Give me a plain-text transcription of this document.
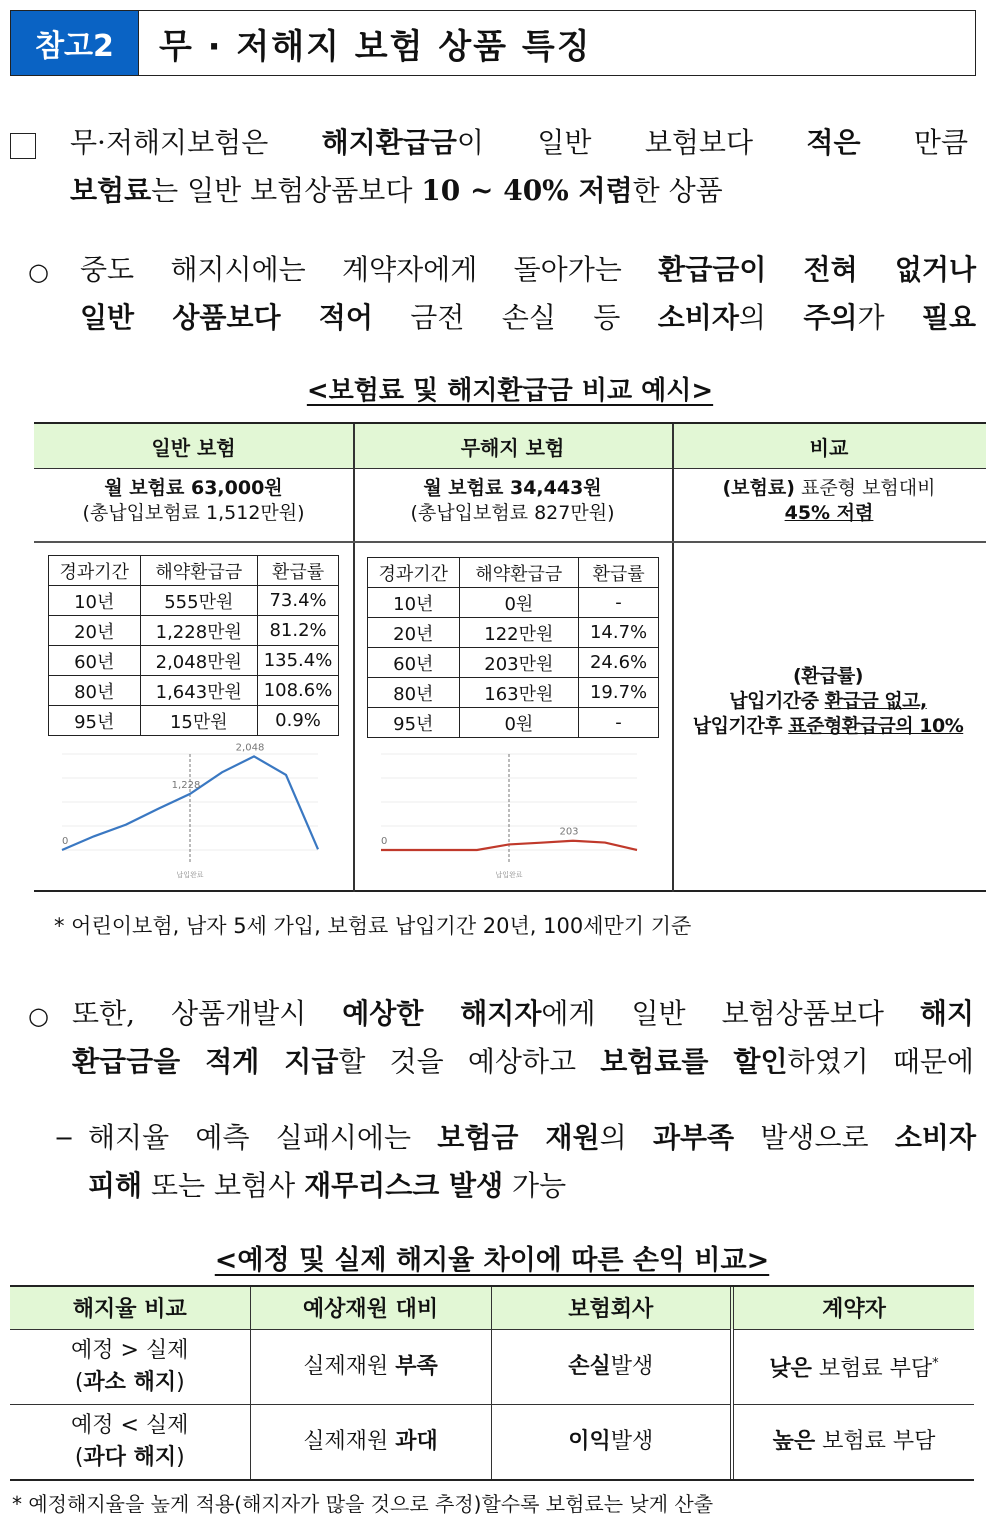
참고2	무 · 저해지 보험 상품 특징
무·저해지보험은 해지환급금이 일반 보험보다 적은 만큼
보험료는 일반 보험상품보다 10 ~ 40% 저렴한 상품
○ 중도 해지시에는 계약자에게 돌아가는 환급금이 전혀 없거나
일반 상품보다 적어 금전 손실 등 소비자의 주의가 필요
<보험료 및 해지환급금 비교 예시>
일반 보험	무해지 보험	비교
월 보험료 63,000원
(총납입보험료 1,512만원)
월 보험료 34,443원
(총납입보험료 827만원)
(보험료) 표준형 보험대비
45% 저렴
경과기간	해약환급금	환급률
10년	555만원	73.4%
20년	1,228만원	81.2%
60년	2,048만원	135.4%
80년	1,643만원	108.6%
95년	15만원	0.9%
경과기간	해약환급금	환급률
10년	0원	-
20년	122만원	14.7%
60년	203만원	24.6%
80년	163만원	19.7%
95년	0원	-
0
1,228
2,048
납입완료
0
203
납입완료
(환급률)
납입기간중 환급금 없고,
납입기간후 표준형환급금의 10%
* 어린이보험, 남자 5세 가입, 보험료 납입기간 20년, 100세만기 기준
○ 또한, 상품개발시 예상한 해지자에게 일반 보험상품보다 해지
환급금을 적게 지급할 것을 예상하고 보험료를 할인하였기 때문에
− 해지율 예측 실패시에는 보험금 재원의 과부족 발생으로 소비자
피해 또는 보험사 재무리스크 발생 가능
<예정 및 실제 해지율 차이에 따른 손익 비교>
해지율 비교	예상재원 대비	보험회사	계약자

예정 > 실제
(과소 해지)	실제재원 부족	손실발생	낮은 보험료 부담*

예정 < 실제
(과다 해지)	실제재원 과대	이익발생	높은 보험료 부담
* 예정해지율을 높게 적용(해지자가 많을 것으로 추정)할수록 보험료는 낮게 산출
